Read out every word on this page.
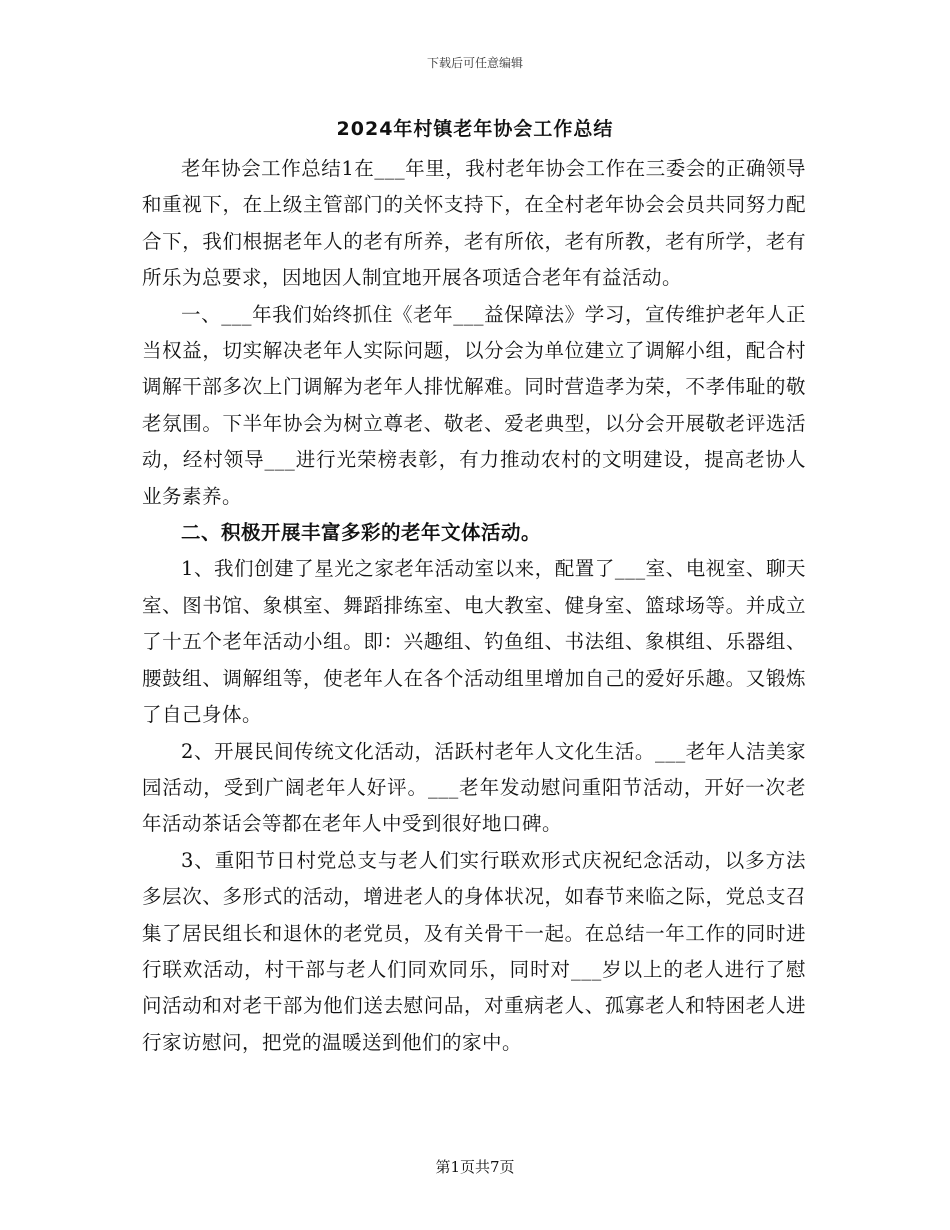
下载后可任意编辑
2024年村镇老年协会工作总结

老年协会工作总结1在___年里，我村老年协会工作在三委会的正确领导和重视下，在上级主管部门的关怀支持下，在全村老年协会会员共同努力配合下，我们根据老年人的老有所养，老有所依，老有所教，老有所学，老有所乐为总要求，因地因人制宜地开展各项适合老年有益活动。

一、___年我们始终抓住《老年___益保障法》学习，宣传维护老年人正当权益，切实解决老年人实际问题，以分会为单位建立了调解小组，配合村调解干部多次上门调解为老年人排忧解难。同时营造孝为荣，不孝伟耻的敬老氛围。下半年协会为树立尊老、敬老、爱老典型，以分会开展敬老评选活动，经村领导___进行光荣榜表彰，有力推动农村的文明建设，提高老协人业务素养。

二、积极开展丰富多彩的老年文体活动。

1、我们创建了星光之家老年活动室以来，配置了___室、电视室、聊天室、图书馆、象棋室、舞蹈排练室、电大教室、健身室、篮球场等。并成立了十五个老年活动小组。即：兴趣组、钓鱼组、书法组、象棋组、乐器组、腰鼓组、调解组等，使老年人在各个活动组里增加自己的爱好乐趣。又锻炼了自己身体。

2、开展民间传统文化活动，活跃村老年人文化生活。___老年人洁美家园活动，受到广阔老年人好评。___老年发动慰问重阳节活动，开好一次老年活动茶话会等都在老年人中受到很好地口碑。

3、重阳节日村党总支与老人们实行联欢形式庆祝纪念活动，以多方法多层次、多形式的活动，增进老人的身体状况，如春节来临之际，党总支召集了居民组长和退休的老党员，及有关骨干一起。在总结一年工作的同时进行联欢活动，村干部与老人们同欢同乐，同时对___岁以上的老人进行了慰问活动和对老干部为他们送去慰问品，对重病老人、孤寡老人和特困老人进行家访慰问，把党的温暖送到他们的家中。

第1页共7页
